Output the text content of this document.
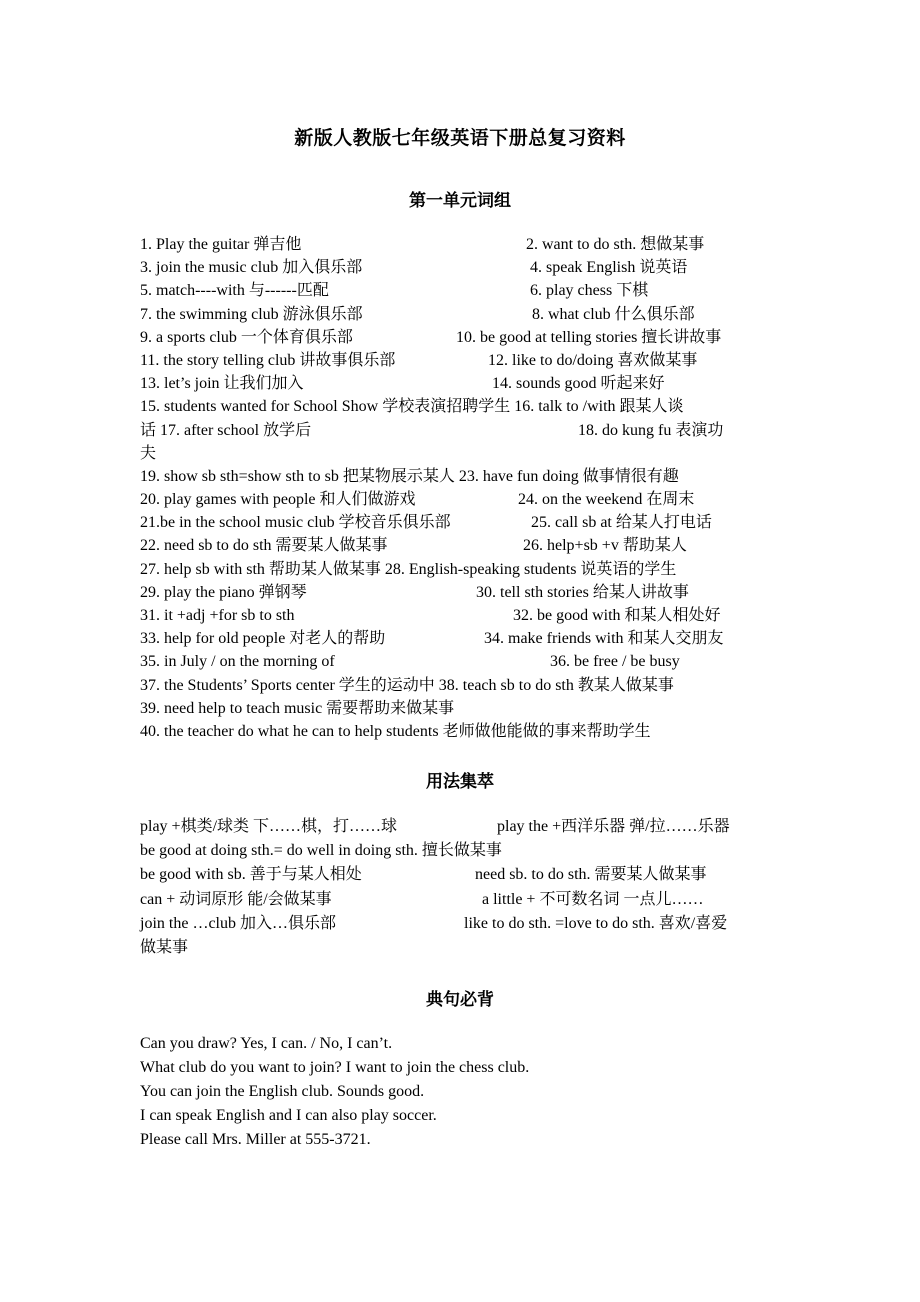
新版人教版七年级英语下册总复习资料
第一单元词组
1. Play the guitar 弹吉他	2. want to do sth. 想做某事
3. join the music club 加入俱乐部	4. speak English 说英语
5. match----with 与------匹配	6. play chess 下棋
7. the swimming club 游泳俱乐部	8. what club 什么俱乐部
9. a sports club 一个体育俱乐部	10. be good at telling stories 擅长讲故事
11. the story telling club 讲故事俱乐部	12. like to do/doing 喜欢做某事
13. let’s join 让我们加入	14. sounds good 听起来好
15. students wanted for School Show 学校表演招聘学生 16. talk to /with 跟某人谈
话 17. after school 放学后	18. do kung fu 表演功
夫
19. show sb sth=show sth to sb 把某物展示某人 23. have fun doing 做事情很有趣
20. play games with people 和人们做游戏	24. on the weekend 在周末
21.be in the school music club 学校音乐俱乐部	25. call sb at 给某人打电话
22. need sb to do sth 需要某人做某事	26. help+sb +v 帮助某人
27. help sb with sth 帮助某人做某事 28. English-speaking students 说英语的学生
29. play the piano 弹钢琴	30. tell sth stories 给某人讲故事
31. it +adj +for sb to sth	32. be good with 和某人相处好
33. help for old people 对老人的帮助	34. make friends with 和某人交朋友
35. in July / on the morning of	36. be free / be busy
37. the Students’ Sports center 学生的运动中 38. teach sb to do sth 教某人做某事
39. need help to teach music 需要帮助来做某事
40. the teacher do what he can to help students 老师做他能做的事来帮助学生
用法集萃
play +棋类/球类 下……棋，打……球	play the +西洋乐器 弹/拉……乐器
be good at doing sth.= do well in doing sth. 擅长做某事
be good with sb. 善于与某人相处	need sb. to do sth. 需要某人做某事
can + 动词原形 能/会做某事	a little + 不可数名词 一点儿……
join the …club 加入…俱乐部	like to do sth. =love to do sth. 喜欢/喜爱
做某事
典句必背
Can you draw? Yes, I can. / No, I can’t.
What club do you want to join? I want to join the chess club.
You can join the English club. Sounds good.
I can speak English and I can also play soccer.
Please call Mrs. Miller at 555-3721.
